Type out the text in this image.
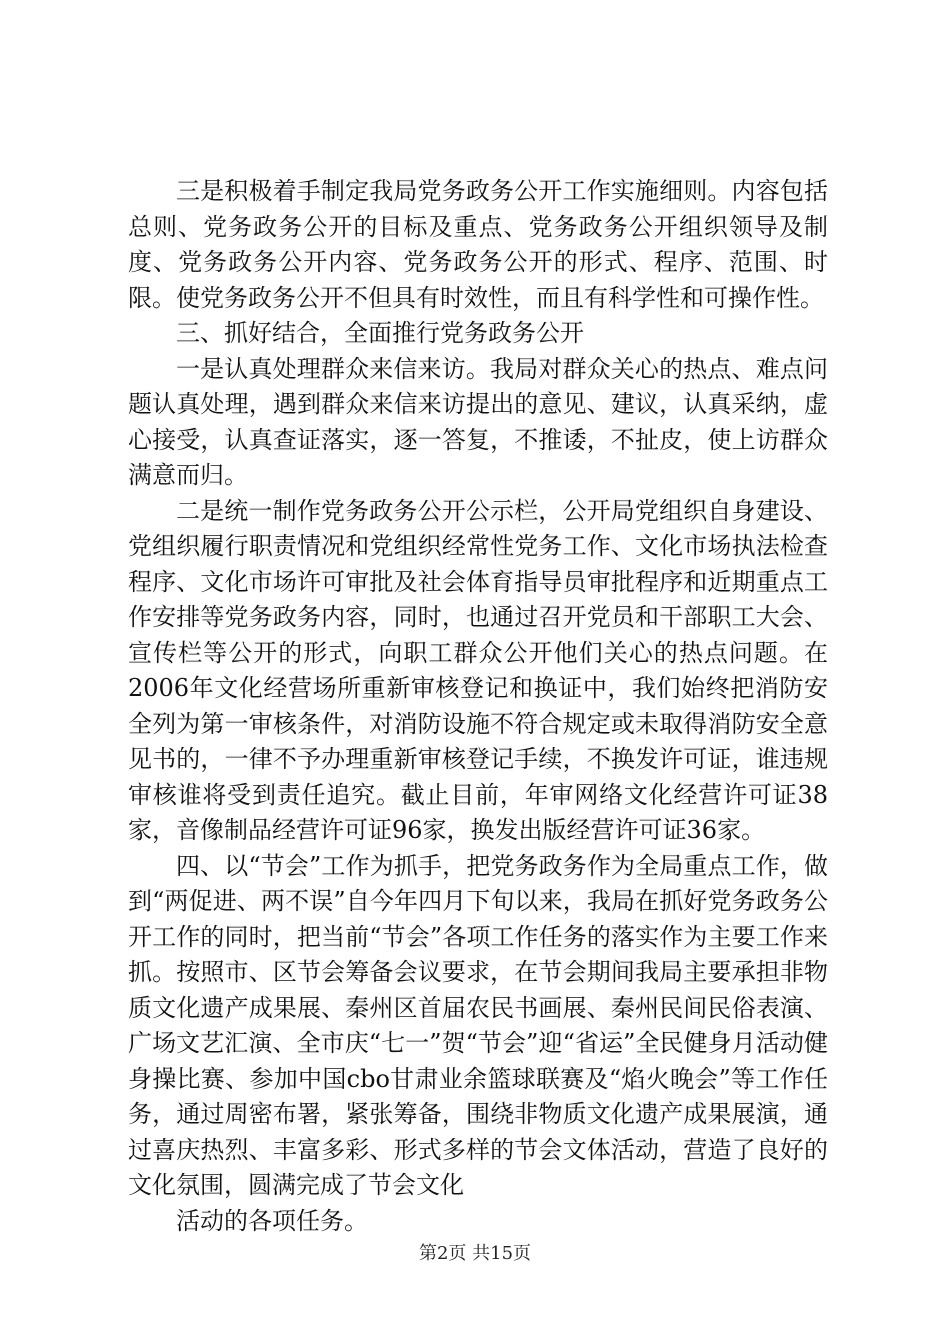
三是积极着手制定我局党务政务公开工作实施细则。内容包括总则、党务政务公开的目标及重点、党务政务公开组织领导及制度、党务政务公开内容、党务政务公开的形式、程序、范围、时限。使党务政务公开不但具有时效性，而且有科学性和可操作性。

三、抓好结合，全面推行党务政务公开

一是认真处理群众来信来访。我局对群众关心的热点、难点问题认真处理，遇到群众来信来访提出的意见、建议，认真采纳，虚心接受，认真查证落实，逐一答复，不推诿，不扯皮，使上访群众满意而归。

二是统一制作党务政务公开公示栏，公开局党组织自身建设、党组织履行职责情况和党组织经常性党务工作、文化市场执法检查程序、文化市场许可审批及社会体育指导员审批程序和近期重点工作安排等党务政务内容，同时，也通过召开党员和干部职工大会、宣传栏等公开的形式，向职工群众公开他们关心的热点问题。在2006年文化经营场所重新审核登记和换证中，我们始终把消防安全列为第一审核条件，对消防设施不符合规定或未取得消防安全意见书的，一律不予办理重新审核登记手续，不换发许可证，谁违规审核谁将受到责任追究。截止目前，年审网络文化经营许可证38家，音像制品经营许可证96家，换发出版经营许可证36家。

四、以“节会”工作为抓手，把党务政务作为全局重点工作，做到“两促进、两不误”自今年四月下旬以来，我局在抓好党务政务公开工作的同时，把当前“节会”各项工作任务的落实作为主要工作来抓。按照市、区节会筹备会议要求，在节会期间我局主要承担非物质文化遗产成果展、秦州区首届农民书画展、秦州民间民俗表演、广场文艺汇演、全市庆“七一”贺“节会”迎“省运”全民健身月活动健身操比赛、参加中国cbo甘肃业余篮球联赛及“焰火晚会”等工作任务，通过周密布署，紧张筹备，围绕非物质文化遗产成果展演，通过喜庆热烈、丰富多彩、形式多样的节会文体活动，营造了良好的文化氛围，圆满完成了节会文化

活动的各项任务。

第2页 共15页
